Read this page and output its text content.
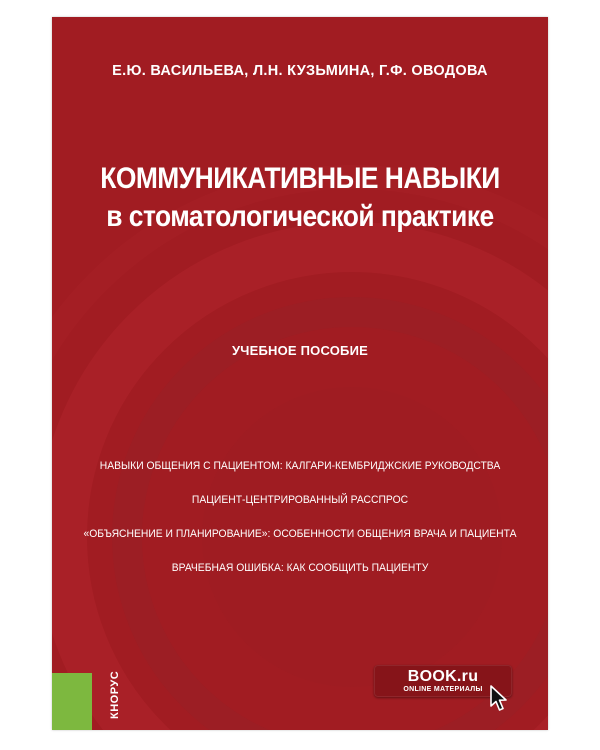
Е.Ю. ВАСИЛЬЕВА, Л.Н. КУЗЬМИНА, Г.Ф. ОВОДОВА
КОММУНИКАТИВНЫЕ НАВЫКИ
в стоматологической практике
УЧЕБНОЕ ПОСОБИЕ
НАВЫКИ ОБЩЕНИЯ С ПАЦИЕНТОМ: КАЛГАРИ-КЕМБРИДЖСКИЕ РУКОВОДСТВА
ПАЦИЕНТ-ЦЕНТРИРОВАННЫЙ РАССПРОС
«ОБЪЯСНЕНИЕ И ПЛАНИРОВАНИЕ»: ОСОБЕННОСТИ ОБЩЕНИЯ ВРАЧА И ПАЦИЕНТА
ВРАЧЕБНАЯ ОШИБКА: КАК СООБЩИТЬ ПАЦИЕНТУ
КНОРУС	BOOK.ru
ONLINE МАТЕРИАЛЫ
